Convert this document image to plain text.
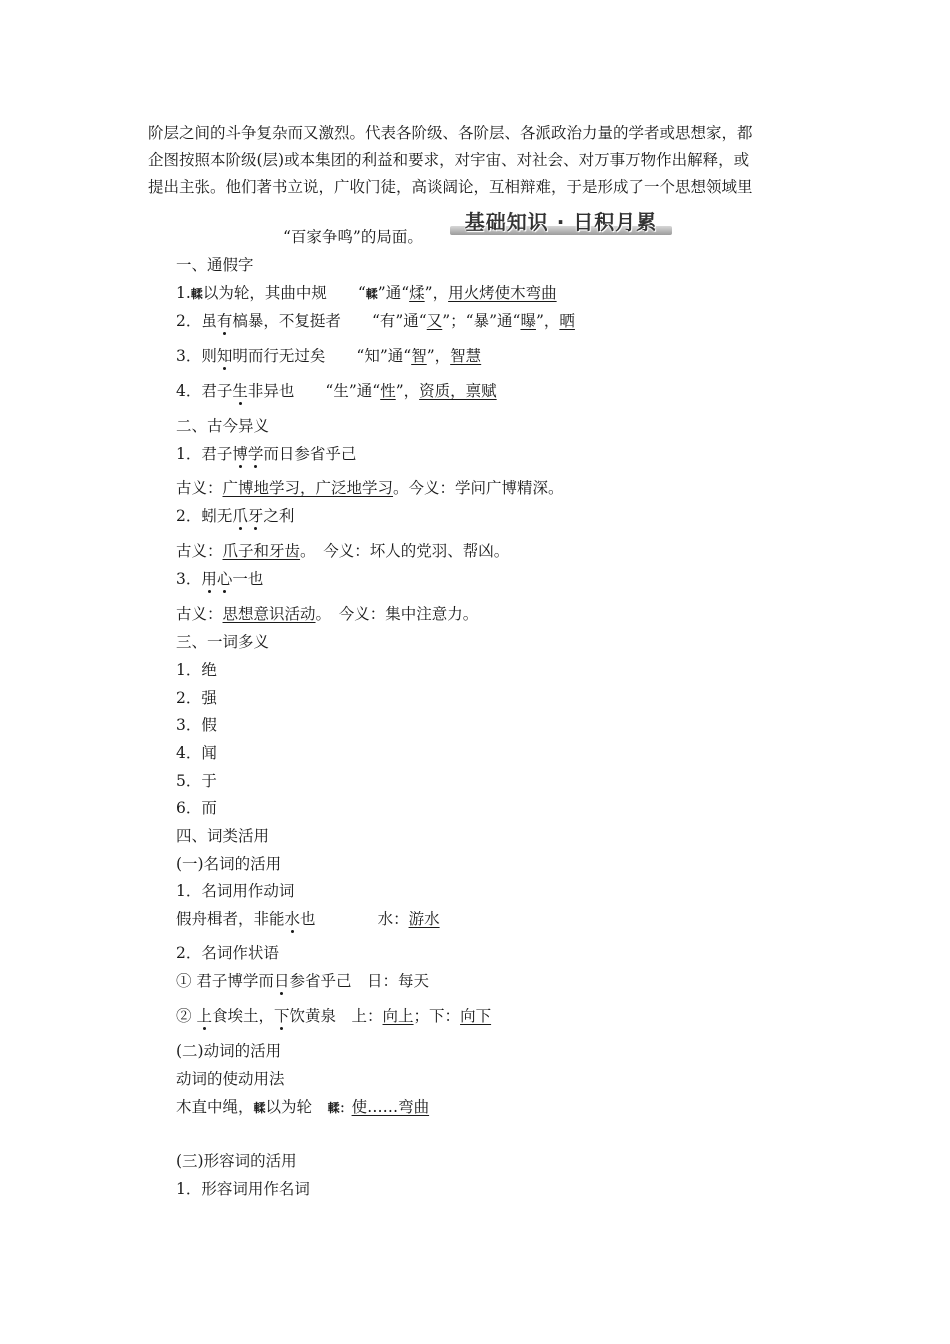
阶层之间的斗争复杂而又激烈。代表各阶级、各阶层、各派政治力量的学者或思想家，都

企图按照本阶级(层)或本集团的利益和要求，对宇宙、对社会、对万事万物作出解释，或

提出主张。他们著书立说，广收门徒，高谈阔论，互相辩难，于是形成了一个思想领域里

“百家争鸣”的局面。
基础知识 · 日积月累
一、通假字
1.輮以为轮，其曲中规　　 “輮”通“煣”，用火烤使木弯曲
2．虽有槁暴，不复挺者　　 “有”通“又”；“暴”通“曝”，晒
3．则知明而行无过矣　　 “知”通“智”，智慧
4．君子生非异也　　 “生”通“性”，资质，禀赋
二、古今异义
1．君子博学而日参省乎己
古义：广博地学习，广泛地学习。今义：学问广博精深。
2．蚓无爪牙之利
古义：爪子和牙齿。　今义：坏人的党羽、帮凶。
3．用心一也
古义：思想意识活动。　今义：集中注意力。
三、一词多义
1．绝
2．强
3．假
4．闻
5．于
6．而
四、词类活用
(一)名词的活用
1．名词用作动词
假舟楫者，非能水也　　　　	水：游水
2．名词作状语
① 君子博学而日参省乎己　 日：每天
② 上食埃土，下饮黄泉　 上：向上；下：向下
(二)动词的活用
动词的使动用法
木直中绳，輮以为轮　 輮：使……弯曲
(三)形容词的活用
1．形容词用作名词
